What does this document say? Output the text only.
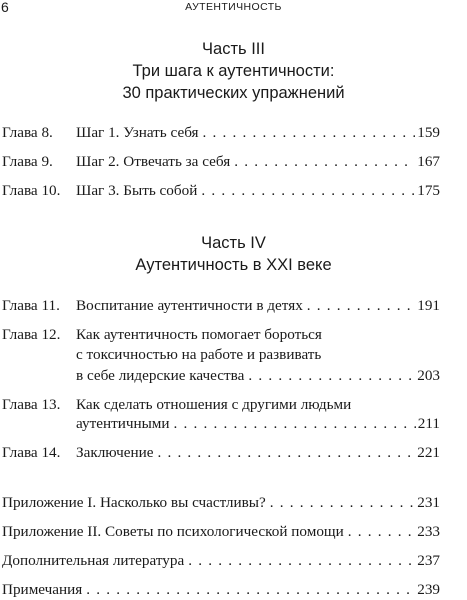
6	АУТЕНТИЧНОСТЬ
Часть III
Три шага к аутентичности:
30 практических упражнений
Глава 8.	Шаг 1. Узнать себя . . .	159
Глава 9.	Шаг 2. Отвечать за себя . . .	167
Глава 10.	Шаг 3. Быть собой . . .	175
Часть IV
Аутентичность в XXI веке
Глава 11.	Воспитание аутентичности в детях . . .	191
Глава 12.	Как аутентичность помогает бороться
с токсичностью на работе и развивать
в себе лидерские качества . . .	203
Глава 13.	Как сделать отношения с другими людьми
аутентичными . . .	211
Глава 14.	Заключение . . .	221
Приложение I. Насколько вы счастливы? . . .	231
Приложение II. Советы по психологической помощи . . .	233
Дополнительная литература . . .	237
Примечания . . .	239
